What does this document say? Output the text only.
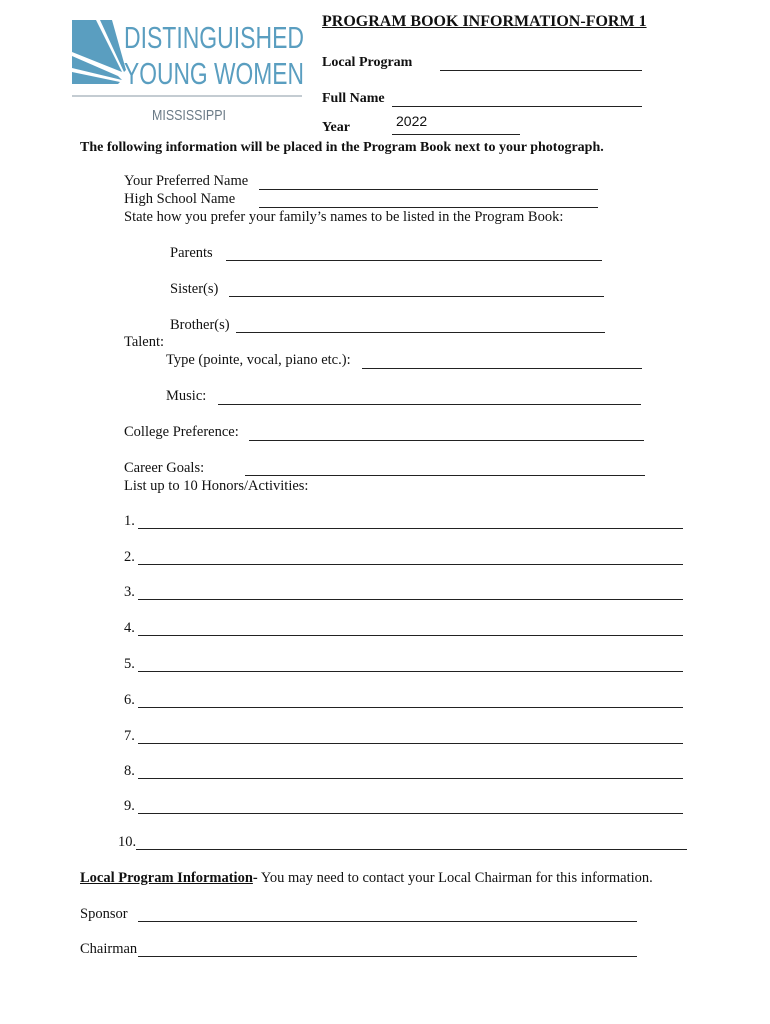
DISTINGUISHED
YOUNG WOMEN
MISSISSIPPI
PROGRAM BOOK INFORMATION-FORM 1
Local Program
Full Name
Year	2022
The following information will be placed in the Program Book next to your photograph.
Your Preferred Name
High School Name
State how you prefer your family’s names to be listed in the Program Book:
Parents
Sister(s)
Brother(s)
Talent:
Type (pointe, vocal, piano etc.):
Music:
College Preference:
Career Goals:
List up to 10 Honors/Activities:
1.
2.
3.
4.
5.
6.
7.
8.
9.
10.
Local Program Information- You may need to contact your Local Chairman for this information.
Sponsor
Chairman
